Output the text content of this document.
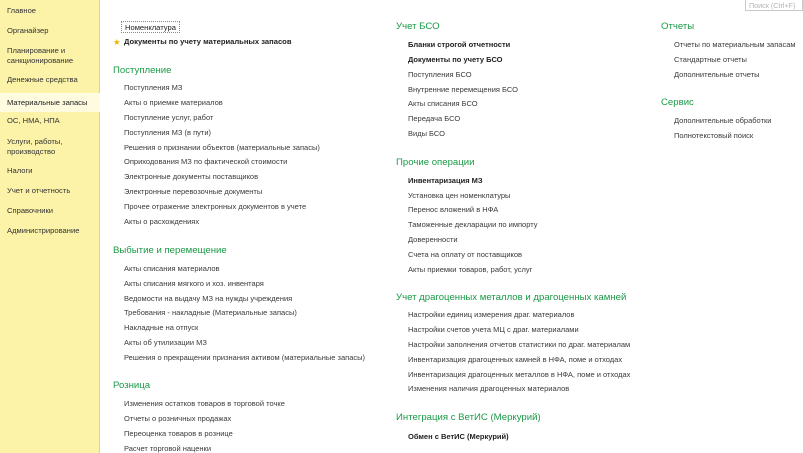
Главное
Органайзер
Планирование и санкционирование
Денежные средства
Материальные запасы
ОС, НМА, НПА
Услуги, работы, производство
Налоги
Учет и отчетность
Справочники
Администрирование
Поиск (Ctrl+F)
Номенклатура
★ Документы по учету материальных запасов
Поступление
Поступления МЗ
Акты о приемке материалов
Поступление услуг, работ
Поступления МЗ (в пути)
Решения о признании объектов (материальные запасы)
Оприходования МЗ по фактической стоимости
Электронные документы поставщиков
Электронные перевозочные документы
Прочее отражение электронных документов в учете
Акты о расхождениях
Выбытие и перемещение
Акты списания материалов
Акты списания мягкого и хоз. инвентаря
Ведомости на выдачу МЗ на нужды учреждения
Требования - накладные (Материальные запасы)
Накладные на отпуск
Акты об утилизации МЗ
Решения о прекращении признания активом (материальные запасы)
Розница
Изменения остатков товаров в торговой точке
Отчеты о розничных продажах
Переоценка товаров в рознице
Расчет торговой наценки
Учет БСО
Бланки строгой отчетности
Документы по учету БСО
Поступления БСО
Внутренние перемещения БСО
Акты списания БСО
Передача БСО
Виды БСО
Прочие операции
Инвентаризация МЗ
Установка цен номенклатуры
Перенос вложений в НФА
Таможенные декларации по импорту
Доверенности
Счета на оплату от поставщиков
Акты приемки товаров, работ, услуг
Учет драгоценных металлов и драгоценных камней
Настройки единиц измерения драг. материалов
Настройки счетов учета МЦ с драг. материалами
Настройки заполнения отчетов статистики по драг. материалам
Инвентаризация драгоценных камней в НФА, поме и отходах
Инвентаризация драгоценных металлов в НФА, поме и отходах
Изменения наличия драгоценных материалов
Интеграция с ВетИС (Меркурий)
Обмен с ВетИС (Меркурий)
Отчеты
Отчеты по материальным запасам
Стандартные отчеты
Дополнительные отчеты
Сервис
Дополнительные обработки
Полнотекстовый поиск
